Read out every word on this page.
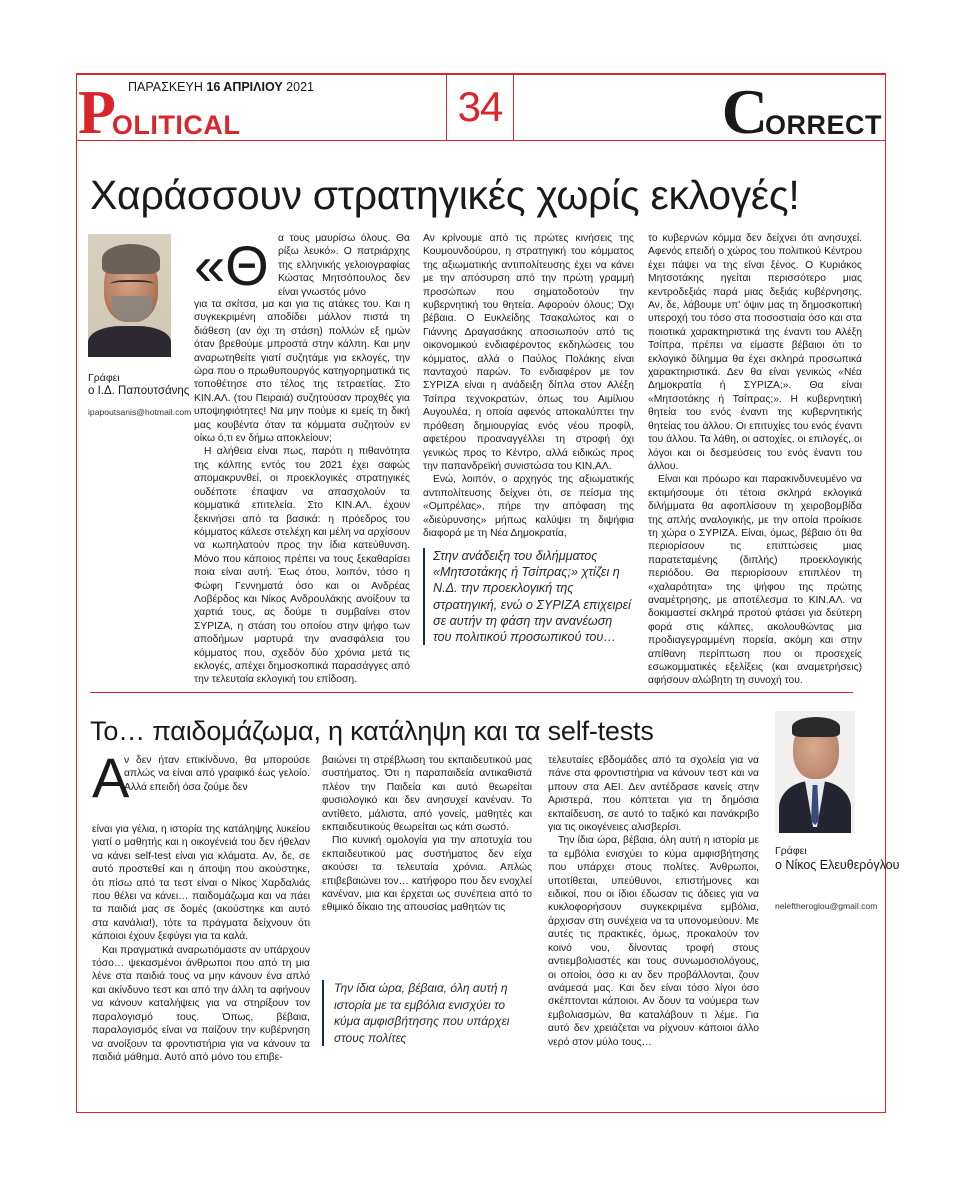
ΠΑΡΑΣΚΕΥΗ 16 ΑΠΡΙΛΙΟΥ 2021
P
OLITICAL	34	C
ORRECT
Χαράσσουν στρατηγικές χωρίς εκλογές!
Γράφει
ο Ι.Δ. Παπουτσάνης
ipapoutsanis@hotmail.com
«Θ α τους μαυρίσω όλους. Θα ρίξω λευκό». Ο πατριάρχης της ελληνικής γελοιογραφίας Κώστας Μητσόπουλος δεν είναι γνωστός μόνο

για τα σκίτσα, μα και για τις ατάκες του. Και η συγκεκριμένη αποδίδει μάλλον πιστά τη διάθεση (αν όχι τη στάση) πολλών εξ ημών όταν βρεθούμε μπροστά στην κάλπη. Και μην αναρωτηθείτε γιατί συζητάμε για εκλογές, την ώρα που ο πρωθυπουργός κατηγορηματικά τις τοποθέτησε στο τέλος της τετραετίας. Στο ΚΙΝ.ΑΛ. (του Πειραιά) συζητούσαν προχθές για υποψηφιότητες! Να μην πούμε κι εμείς τη δική μας κουβέντα όταν τα κόμματα συζητούν εν οίκω ό,τι εν δήμω αποκλείουν;

Η αλήθεια είναι πως, παρότι η πιθανότητα της κάλπης εντός του 2021 έχει σαφώς απομακρυνθεί, οι προεκλογικές στρατηγικές ουδέποτε έπαψαν να απασχολούν τα κομματικά επιτελεία. Στο ΚΙΝ.ΑΛ. έχουν ξεκινήσει από τα βασικά: η πρόεδρος του κόμματος κάλεσε στελέχη και μέλη να αρχίσουν να κωπηλατούν προς την ίδια κατεύθυνση. Μόνο που κάποιος πρέπει να τους ξεκαθαρίσει ποια είναι αυτή. Έως ότου, λοιπόν, τόσο η Φώφη Γεννηματά όσο και οι Ανδρέας Λοβέρδος και Νίκος Ανδρουλάκης ανοίξουν τα χαρτιά τους, ας δούμε τι συμβαίνει στον ΣΥΡΙΖΑ, η στάση του οποίου στην ψήφο των αποδήμων μαρτυρά την ανασφάλεια του κόμματος που, σχεδόν δύο χρόνια μετά τις εκλογές, απέχει δημοσκοπικά παρασάγγες από την τελευταία εκλογική του επίδοση.

Αν κρίνουμε από τις πρώτες κινήσεις της Κουμουνδούρου, η στρατηγική του κόμματος της αξιωματικής αντιπολίτευσης έχει να κάνει με την απόσυρση από την πρώτη γραμμή προσώπων που σηματοδοτούν την κυβερνητική του θητεία. Αφορούν όλους; Όχι βέβαια. Ο Ευκλείδης Τσακαλώτος και ο Γιάννης Δραγασάκης αποσιωπούν από τις οικονομικού ενδιαφέροντος εκδηλώσεις του κόμματος, αλλά ο Παύλος Πολάκης είναι πανταχού παρών. Το ενδιαφέρον με τον ΣΥΡΙΖΑ είναι η ανάδειξη δίπλα στον Αλέξη Τσίπρα τεχνοκρατών, όπως του Αιμίλιου Αυγουλέα, η οποία αφενός αποκαλύπτει την πρόθεση δημιουργίας ενός νέου προφίλ, αφετέρου προαναγγέλλει τη στροφή όχι γενικώς προς το Κέντρο, αλλά ειδικώς προς την παπανδρεϊκή συνιστώσα του ΚΙΝ.ΑΛ.

Ενώ, λοιπόν, ο αρχηγός της αξιωματικής αντιπολίτευσης δείχνει ότι, σε πείσμα της «Ομπρέλας», πήρε την απόφαση της «διεύρυνσης» μήπως καλύψει τη διψήφια διαφορά με τη Νέα Δημοκρατία,

Στην ανάδειξη του διλήμματος «Μητσοτάκης ή Τσίπρας;» χτίζει η Ν.Δ. την προεκλογική της στρατηγική, ενώ ο ΣΥΡΙΖΑ επιχειρεί σε αυτήν τη φάση την ανανέωση του πολιτικού προσωπικού του…

το κυβερνών κόμμα δεν δείχνει ότι ανησυχεί. Αφενός επειδή ο χώρος του πολιτικού Κέντρου έχει πάψει να της είναι ξένος. Ο Κυριάκος Μητσοτάκης ηγείται περισσότερο μιας κεντροδεξιάς παρά μιας δεξιάς κυβέρνησης. Αν, δε, λάβουμε υπ’ όψιν μας τη δημοσκοπική υπεροχή του τόσο στα ποσοστιαία όσο και στα ποιοτικά χαρακτηριστικά της έναντι του Αλέξη Τσίπρα, πρέπει να είμαστε βέβαιοι ότι το εκλογικό δίλημμα θα έχει σκληρά προσωπικά χαρακτηριστικά. Δεν θα είναι γενικώς «Νέα Δημοκρατία ή ΣΥΡΙΖΑ;». Θα είναι «Μητσοτάκης ή Τσίπρας;». Η κυβερνητική θητεία του ενός έναντι της κυβερνητικής θητείας του άλλου. Οι επιτυχίες του ενός έναντι του άλλου. Τα λάθη, οι αστοχίες, οι επιλογές, οι λόγοι και οι δεσμεύσεις του ενός έναντι του άλλου.

Είναι και πρόωρο και παρακινδυνευμένο να εκτιμήσουμε ότι τέτοια σκληρά εκλογικά διλήμματα θα αφοπλίσουν τη χειροβομβίδα της απλής αναλογικής, με την οποία προίκισε τη χώρα ο ΣΥΡΙΖΑ. Είναι, όμως, βέβαιο ότι θα περιορίσουν τις επιπτώσεις μιας παρατεταμένης (διπλής) προεκλογικής περιόδου. Θα περιορίσουν επιπλέον τη «χαλαρότητα» της ψήφου της πρώτης αναμέτρησης, με αποτέλεσμα το ΚΙΝ.ΑΛ. να δοκιμαστεί σκληρά προτού φτάσει για δεύτερη φορά στις κάλπες, ακολουθώντας μια προδιαγεγραμμένη πορεία, ακόμη και στην απίθανη περίπτωση που οι προσεχείς εσωκομματικές εξελίξεις (και αναμετρήσεις) αφήσουν αλώβητη τη συνοχή του.

Το… παιδομάζωμα, η κατάληψη και τα self-tests
Γράφει
ο Νίκος Ελευθερόγλου
neleftheroglou@gmail.com
Α

ν δεν ήταν επικίνδυνο, θα μπορούσε απλώς να είναι από γραφικό έως γελοίο. Αλλά επειδή όσα ζούμε δεν

είναι για γέλια, η ιστορία της κατάληψης λυκείου γιατί ο μαθητής και η οικογένειά του δεν ήθελαν να κάνει self-test είναι για κλάματα. Αν, δε, σε αυτό προστεθεί και η άποψη που ακούστηκε, ότι πίσω από τα τεστ είναι ο Νίκος Χαρδαλιάς που θέλει να κάνει… παιδομάζωμα και να πάει τα παιδιά μας σε δομές (ακούστηκε και αυτό στα κανάλια!), τότε τα πράγματα δείχνουν ότι κάποιοι έχουν ξεφύγει για τα καλά.

Και πραγματικά αναρωτιόμαστε αν υπάρχουν τόσο… ψεκασμένοι άνθρωποι που από τη μια λένε στα παιδιά τους να μην κάνουν ένα απλό και ακίνδυνο τεστ και από την άλλη τα αφήνουν να κάνουν καταλήψεις για να στηρίξουν τον παραλογισμό τους. Όπως, βέβαια, παραλογισμός είναι να παίζουν την κυβέρνηση να ανοίξουν τα φροντιστήρια για να κάνουν τα παιδιά μάθημα. Αυτό από μόνο του επιβε-

βαιώνει τη στρέβλωση του εκπαιδευτικού μας συστήματος. Ότι η παραπαιδεία αντικαθιστά πλέον την Παιδεία και αυτό θεωρείται φυσιολογικό και δεν ανησυχεί κανέναν. Το αντίθετο, μάλιστα, από γονείς, μαθητές και εκπαιδευτικούς θεωρείται ως κάτι σωστό.

Πιο κυνική ομολογία για την αποτυχία του εκπαιδευτικού μας συστήματος δεν είχα ακούσει τα τελευταία χρόνια. Απλώς επιβεβαιώνει τον… κατήφορο που δεν ενοχλεί κανέναν, μια και έρχεται ως συνέπεια από το εθιμικό δίκαιο της απουσίας μαθητών τις

Την ίδια ώρα, βέβαια, όλη αυτή η ιστορία με τα εμβόλια ενισχύει το κύμα αμφισβήτησης που υπάρχει στους πολίτες

τελευταίες εβδομάδες από τα σχολεία για να πάνε στα φροντιστήρια να κάνουν τεστ και να μπουν στα ΑΕΙ. Δεν αντέδρασε κανείς στην Αριστερά, που κόπτεται για τη δημόσια εκπαίδευση, σε αυτό το ταξικό και πανάκριβο για τις οικογένειες αλισβερίσι.

Την ίδια ώρα, βέβαια, όλη αυτή η ιστορία με τα εμβόλια ενισχύει το κύμα αμφισβήτησης που υπάρχει στους πολίτες. Άνθρωποι, υποτίθεται, υπεύθυνοι, επιστήμονες και ειδικοί, που οι ίδιοι έδωσαν τις άδειες για να κυκλοφορήσουν συγκεκριμένα εμβόλια, άρχισαν στη συνέχεια να τα υπονομεύουν. Με αυτές τις πρακτικές, όμως, προκαλούν τον κοινό νου, δίνοντας τροφή στους αντιεμβολιαστές και τους συνωμοσιολόγους, οι οποίοι, όσο κι αν δεν προβάλλονται, ζουν ανάμεσά μας. Και δεν είναι τόσο λίγοι όσο σκέπτονται κάποιοι. Αν δουν τα νούμερα των εμβολιασμών, θα καταλάβουν τι λέμε. Για αυτό δεν χρειάζεται να ρίχνουν κάποιοι άλλο νερό στον μύλο τους…
